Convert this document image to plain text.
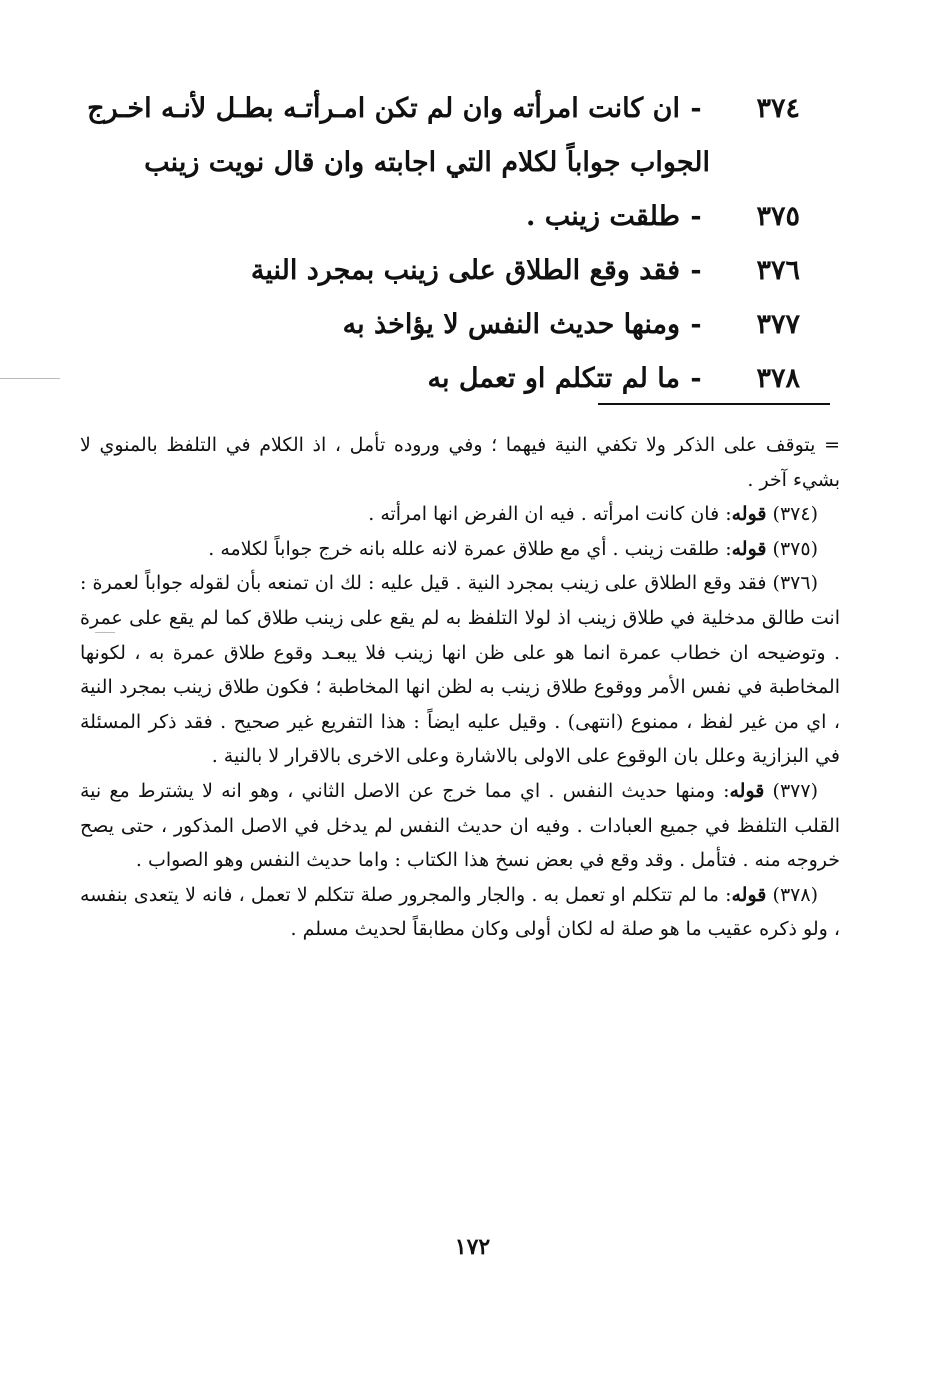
٣٧٤-ان كانت امرأته وان لم تكن امـرأتـه بطـل لأنـه اخـرج
الجواب جواباً لكلام التي اجابته وان قال نويت زينب
٣٧٥-طلقت زينب .
٣٧٦-فقد وقع الطلاق على زينب بمجرد النية
٣٧٧-ومنها حديث النفس لا يؤاخذ به
٣٧٨-ما لم تتكلم او تعمل به

= يتوقف على الذكر ولا تكفي النية فيهما ؛ وفي وروده تأمل ، اذ الكلام في التلفظ بالمنوي لا بشيء آخر .

(٣٧٤) قوله: فان كانت امرأته . فيه ان الفرض انها امرأته .

(٣٧٥) قوله: طلقت زينب . أي مع طلاق عمرة لانه علله بانه خرج جواباً لكلامه .

(٣٧٦) فقد وقع الطلاق على زينب بمجرد النية . قيل عليه : لك ان تمنعه بأن لقوله جواباً لعمرة : انت طالق مدخلية في طلاق زينب اذ لولا التلفظ به لم يقع على زينب طلاق كما لم يقع على عمرة . وتوضيحه ان خطاب عمرة انما هو على ظن انها زينب فلا يبعـد وقوع طلاق عمرة به ، لكونها المخاطبة في نفس الأمر ووقوع طلاق زينب به لظن انها المخاطبة ؛ فكون طلاق زينب بمجرد النية ، اي من غير لفظ ، ممنوع (انتهى) . وقيل عليه ايضاً : هذا التفريع غير صحيح . فقد ذكر المسئلة في البزازية وعلل بان الوقوع على الاولى بالاشارة وعلى الاخرى بالاقرار لا بالنية .

(٣٧٧) قوله: ومنها حديث النفس . اي مما خرج عن الاصل الثاني ، وهو انه لا يشترط مع نية القلب التلفظ في جميع العبادات . وفيه ان حديث النفس لم يدخل في الاصل المذكور ، حتى يصح خروجه منه . فتأمل . وقد وقع في بعض نسخ هذا الكتاب : واما حديث النفس وهو الصواب .

(٣٧٨) قوله: ما لم تتكلم او تعمل به . والجار والمجرور صلة تتكلم لا تعمل ، فانه لا يتعدى بنفسه ، ولو ذكره عقيب ما هو صلة له لكان أولى وكان مطابقاً لحديث مسلم .

١٧٢
